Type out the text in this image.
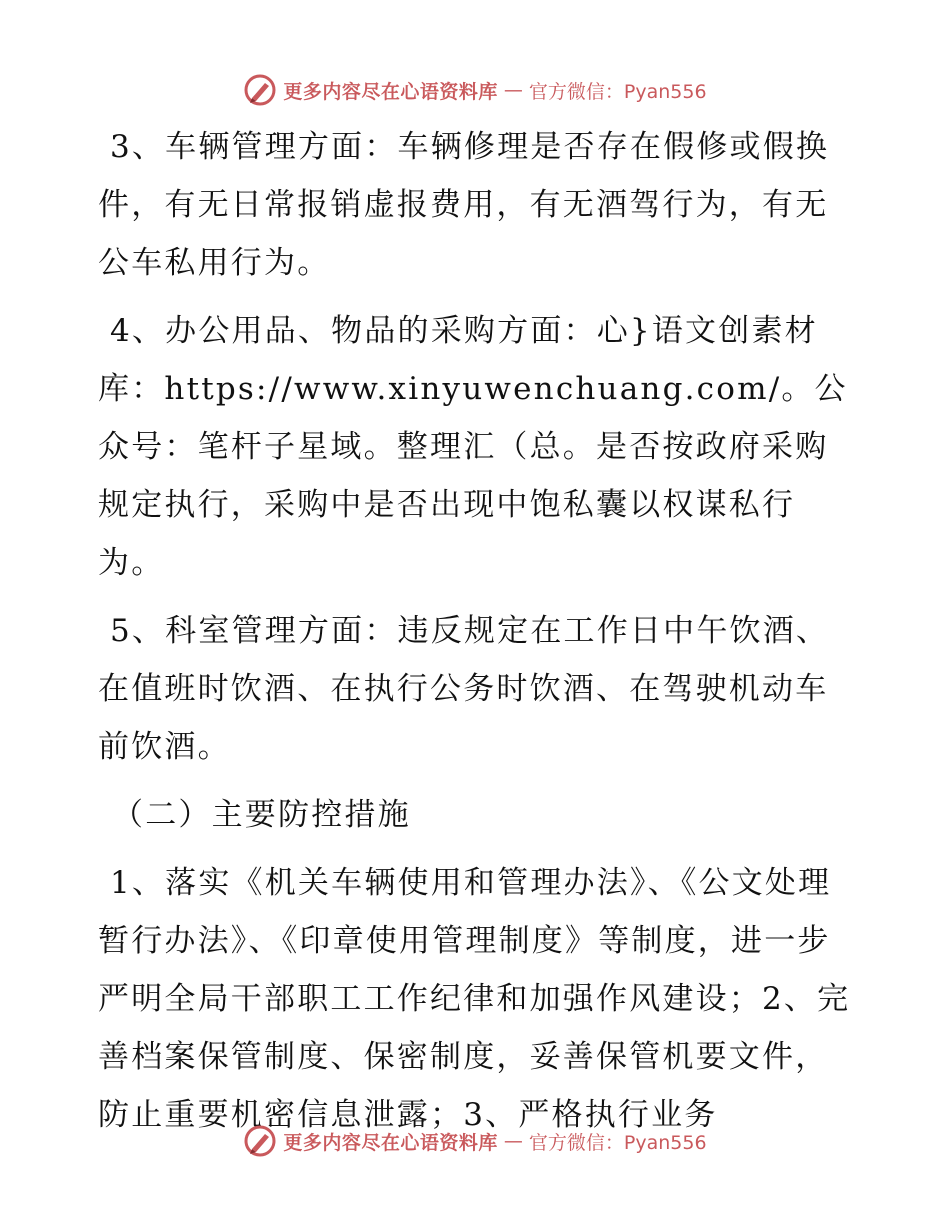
更多内容尽在心语资料库 — 官方微信：Pyan556

3、车辆管理方面：车辆修理是否存在假修或假换件，有无日常报销虚报费用，有无酒驾行为，有无公车私用行为。

4、办公用品、物品的采购方面：心}语文创素材库：https://www.xinyuwenchuang.com/。公众号：笔杆子星域。整理汇（总。是否按政府采购规定执行，采购中是否出现中饱私囊以权谋私行为。

5、科室管理方面：违反规定在工作日中午饮酒、在值班时饮酒、在执行公务时饮酒、在驾驶机动车前饮酒。

（二）主要防控措施

1、落实《机关车辆使用和管理办法》、《公文处理暂行办法》、《印章使用管理制度》等制度，进一步严明全局干部职工工作纪律和加强作风建设；2、完善档案保管制度、保密制度，妥善保管机要文件，防止重要机密信息泄露；3、严格执行业务

更多内容尽在心语资料库 — 官方微信：Pyan556
